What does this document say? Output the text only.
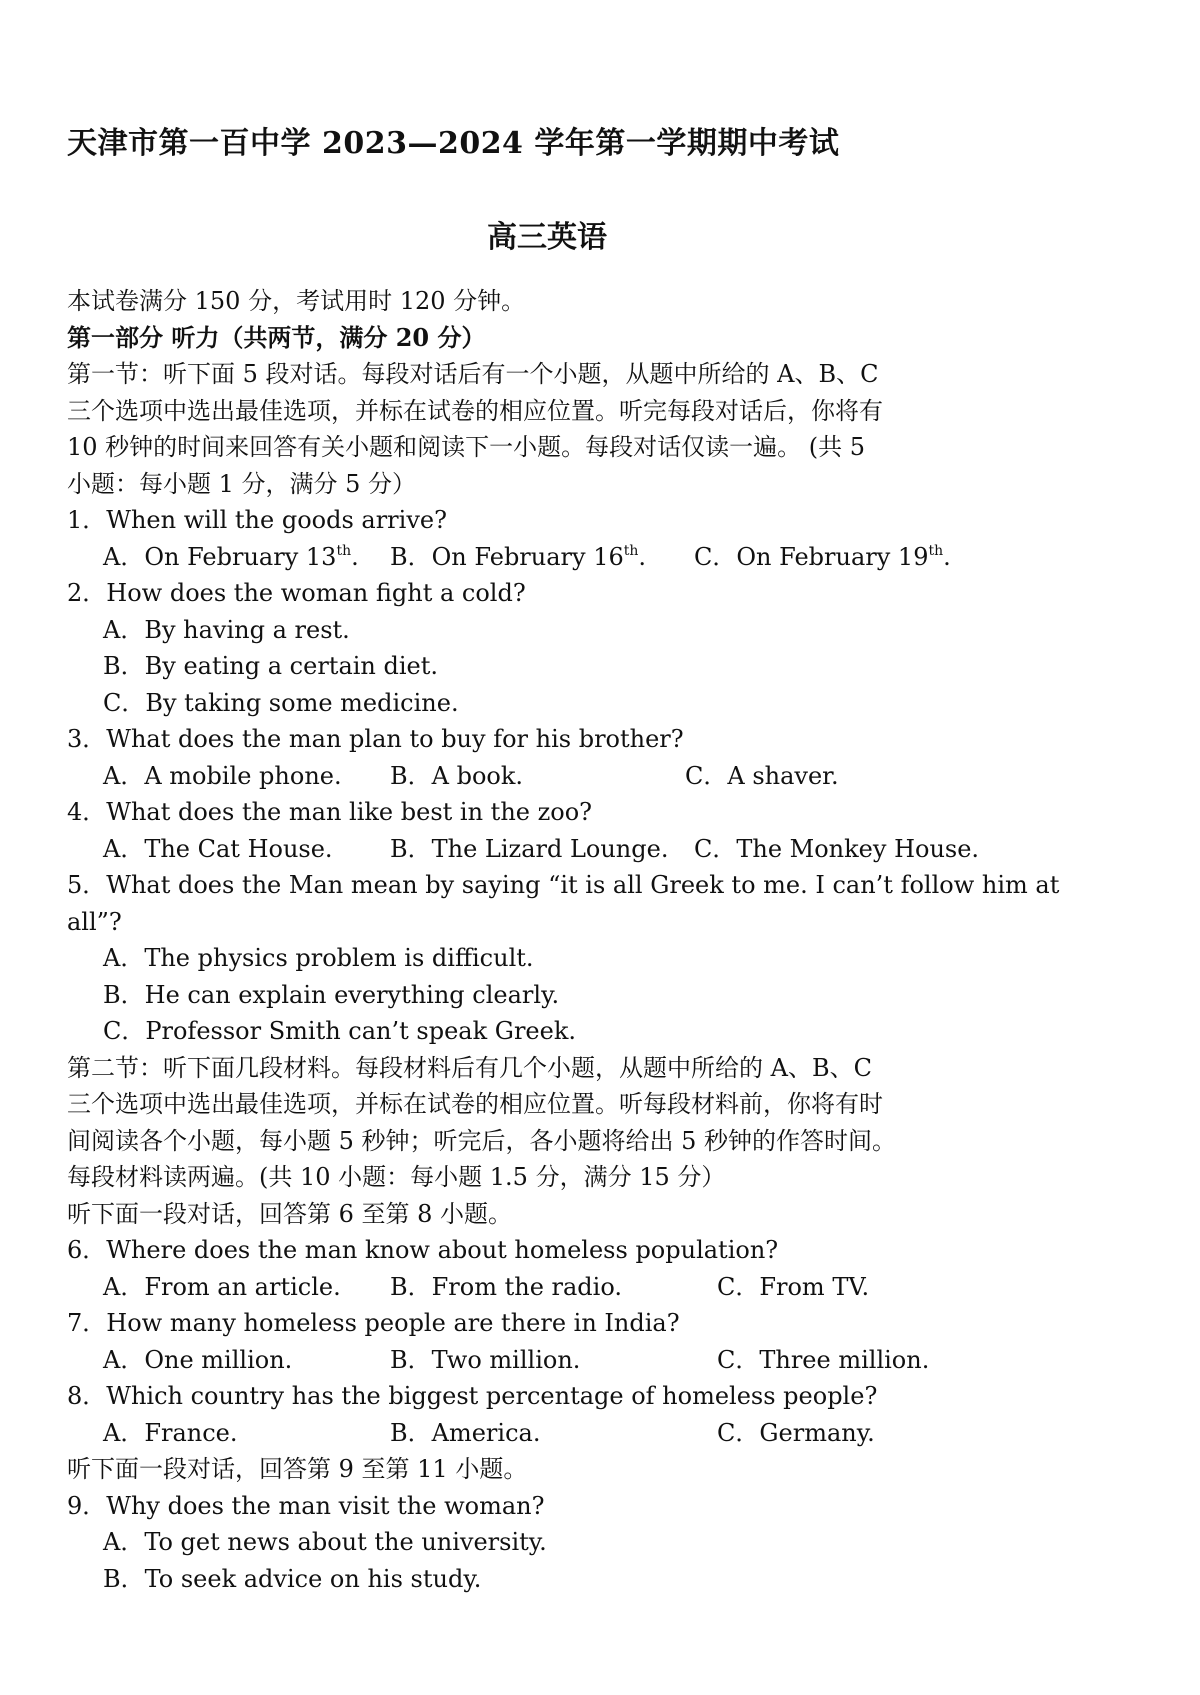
天津市第一百中学 2023—2024 学年第一学期期中考试
高三英语
本试卷满分 150 分，考试用时 120 分钟。
第一部分 听力（共两节，满分 20 分）
第一节：听下面 5 段对话。每段对话后有一个小题，从题中所给的 A、B、C
三个选项中选出最佳选项，并标在试卷的相应位置。听完每段对话后，你将有
10 秒钟的时间来回答有关小题和阅读下一小题。每段对话仅读一遍。 (共 5
小题：每小题 1 分，满分 5 分）
1．When will the goods arrive?
A．On February 13th. B．On February 16th. C．On February 19th.
2．How does the woman fight a cold?
A．By having a rest.
B．By eating a certain diet.
C．By taking some medicine.
3．What does the man plan to buy for his brother?
A．A mobile phone. B．A book.	C．A shaver.
4．What does the man like best in the zoo?
A．The Cat House. B．The Lizard Lounge. C．The Monkey House.
5．What does the Man mean by saying “it is all Greek to me. I can’t follow him at
all”?
A．The physics problem is difficult.
B．He can explain everything clearly.
C．Professor Smith can’t speak Greek.
第二节：听下面几段材料。每段材料后有几个小题，从题中所给的 A、B、C
三个选项中选出最佳选项，并标在试卷的相应位置。听每段材料前，你将有时
间阅读各个小题，每小题 5 秒钟；听完后，各小题将给出 5 秒钟的作答时间。
每段材料读两遍。(共 10 小题：每小题 1.5 分，满分 15 分）
听下面一段对话，回答第 6 至第 8 小题。
6．Where does the man know about homeless population?
A．From an article. B．From the radio.	C．From TV.
7．How many homeless people are there in India?
A．One million.	B．Two million.	C．Three million.
8．Which country has the biggest percentage of homeless people?
A．France.	B．America.	C．Germany.
听下面一段对话，回答第 9 至第 11 小题。
9．Why does the man visit the woman?
A．To get news about the university.
B．To seek advice on his study.
